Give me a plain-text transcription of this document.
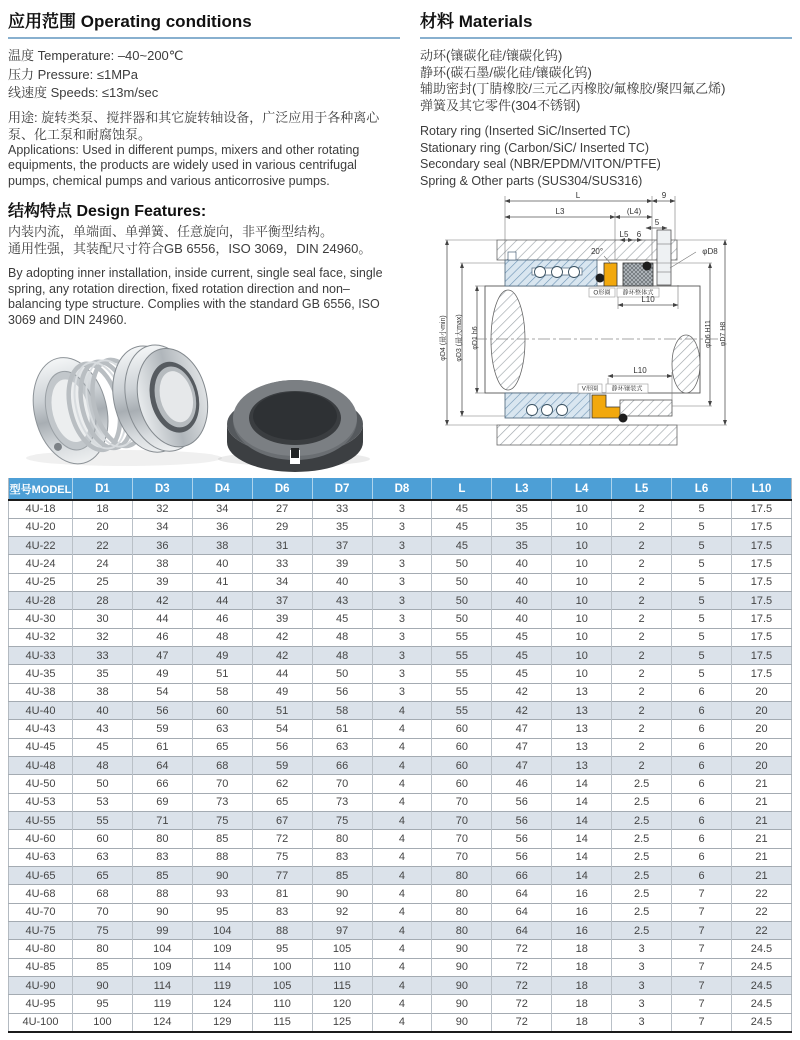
应用范围 Operating conditions

温度 Temperature: –40~200℃

压力 Pressure: ≤1MPa

线速度 Speeds: ≤13m/sec

用途: 旋转类泵、搅拌器和其它旋转轴设备，广泛应用于各种离心泵、化工泵和耐腐蚀泵。

Applications: Used in different pumps, mixers and other rotating equipments, the products are widely used in various centrifugal pumps, chemical pumps and various anticorrosive pumps.

结构特点 Design Features:

内装内流，单端面、单弹簧、任意旋向，非平衡型结构。

通用性强，其装配尺寸符合GB 6556，ISO 3069，DIN 24960。

By adopting inner installation, inside current, single seal face, single spring, any rotation direction, fixed rotation direction and non–balancing type structure. Complies with the standard GB 6556, ISO 3069 and DIN 24960.

材料 Materials

动环(镶碳化硅/镶碳化钨)

静环(碳石墨/碳化硅/镶碳化钨)

辅助密封(丁腈橡胶/三元乙丙橡胶/氟橡胶/聚四氟乙烯)

弹簧及其它零件(304不锈钢)

Rotary ring (Inserted SiC/Inserted TC)

Stationary ring (Carbon/SiC/ Inserted TC)

Secondary seal (NBR/EPDM/VITON/PTFE)

Spring & Other parts (SUS304/SUS316)

L	9
L3	(L4)
5
L5 6
φD8
20°
O形圈 静环整体式
L10
L10
V形圈 静环镶装式
φD4 (最小min) φD3 (最大max) φD1 h6	φD6 H11 φD7 H8
型号MODEL	D1	D3	D4	D6	D7	D8	L	L3	L4	L5	L6	L10
4U-18	18	32	34	27	33	3	45	35	10	2	5	17.5
4U-20	20	34	36	29	35	3	45	35	10	2	5	17.5
4U-22	22	36	38	31	37	3	45	35	10	2	5	17.5
4U-24	24	38	40	33	39	3	50	40	10	2	5	17.5
4U-25	25	39	41	34	40	3	50	40	10	2	5	17.5
4U-28	28	42	44	37	43	3	50	40	10	2	5	17.5
4U-30	30	44	46	39	45	3	50	40	10	2	5	17.5
4U-32	32	46	48	42	48	3	55	45	10	2	5	17.5
4U-33	33	47	49	42	48	3	55	45	10	2	5	17.5
4U-35	35	49	51	44	50	3	55	45	10	2	5	17.5
4U-38	38	54	58	49	56	3	55	42	13	2	6	20
4U-40	40	56	60	51	58	4	55	42	13	2	6	20
4U-43	43	59	63	54	61	4	60	47	13	2	6	20
4U-45	45	61	65	56	63	4	60	47	13	2	6	20
4U-48	48	64	68	59	66	4	60	47	13	2	6	20
4U-50	50	66	70	62	70	4	60	46	14	2.5	6	21
4U-53	53	69	73	65	73	4	70	56	14	2.5	6	21
4U-55	55	71	75	67	75	4	70	56	14	2.5	6	21
4U-60	60	80	85	72	80	4	70	56	14	2.5	6	21
4U-63	63	83	88	75	83	4	70	56	14	2.5	6	21
4U-65	65	85	90	77	85	4	80	66	14	2.5	6	21
4U-68	68	88	93	81	90	4	80	64	16	2.5	7	22
4U-70	70	90	95	83	92	4	80	64	16	2.5	7	22
4U-75	75	99	104	88	97	4	80	64	16	2.5	7	22
4U-80	80	104	109	95	105	4	90	72	18	3	7	24.5
4U-85	85	109	114	100	110	4	90	72	18	3	7	24.5
4U-90	90	114	119	105	115	4	90	72	18	3	7	24.5
4U-95	95	119	124	110	120	4	90	72	18	3	7	24.5
4U-100	100	124	129	115	125	4	90	72	18	3	7	24.5
